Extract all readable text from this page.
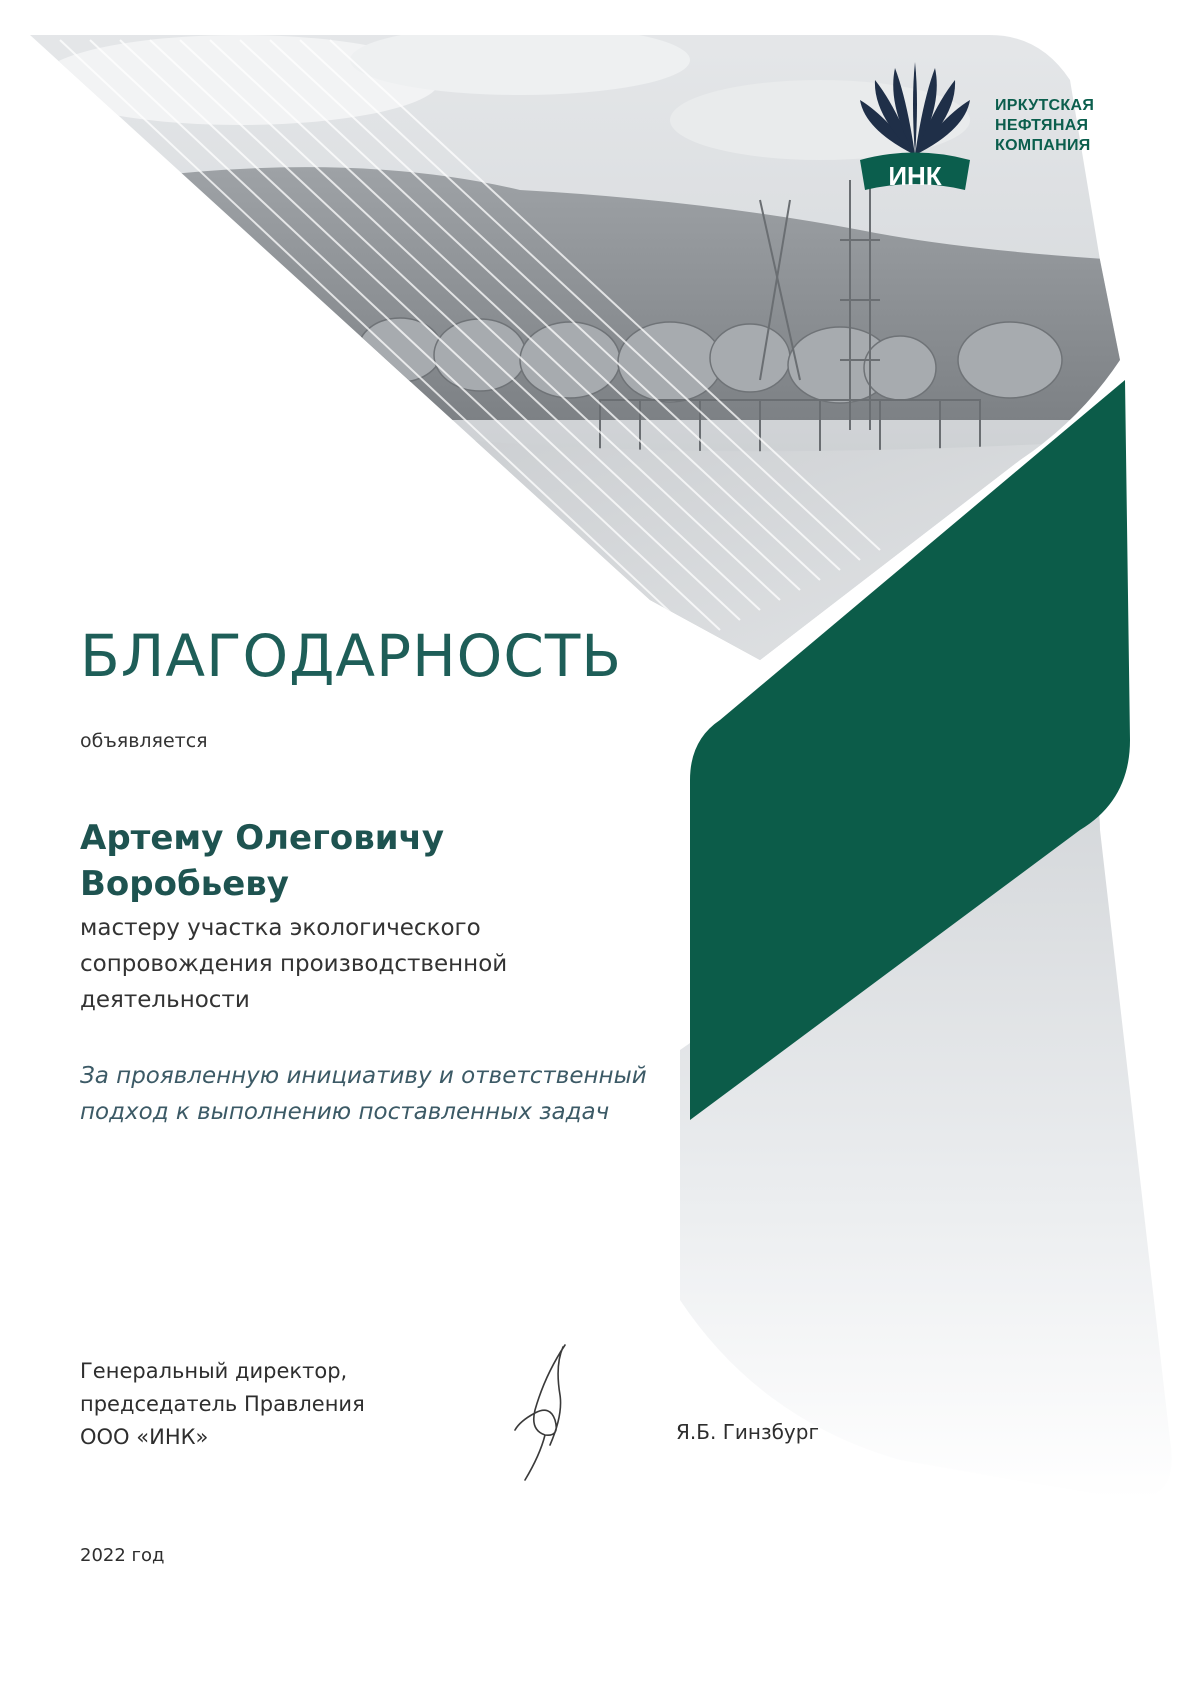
ИНК
ИРКУТСКАЯ
НЕФТЯНАЯ
КОМПАНИЯ
БЛАГОДАРНОСТЬ
объявляется
Артему Олеговичу
Воробьеву
мастеру участка экологического
сопровождения производственной
деятельности
За проявленную инициативу и ответственный
подход к выполнению поставленных задач
Генеральный директор,
председатель Правления
ООО «ИНК»	Я.Б. Гинзбург
2022 год
